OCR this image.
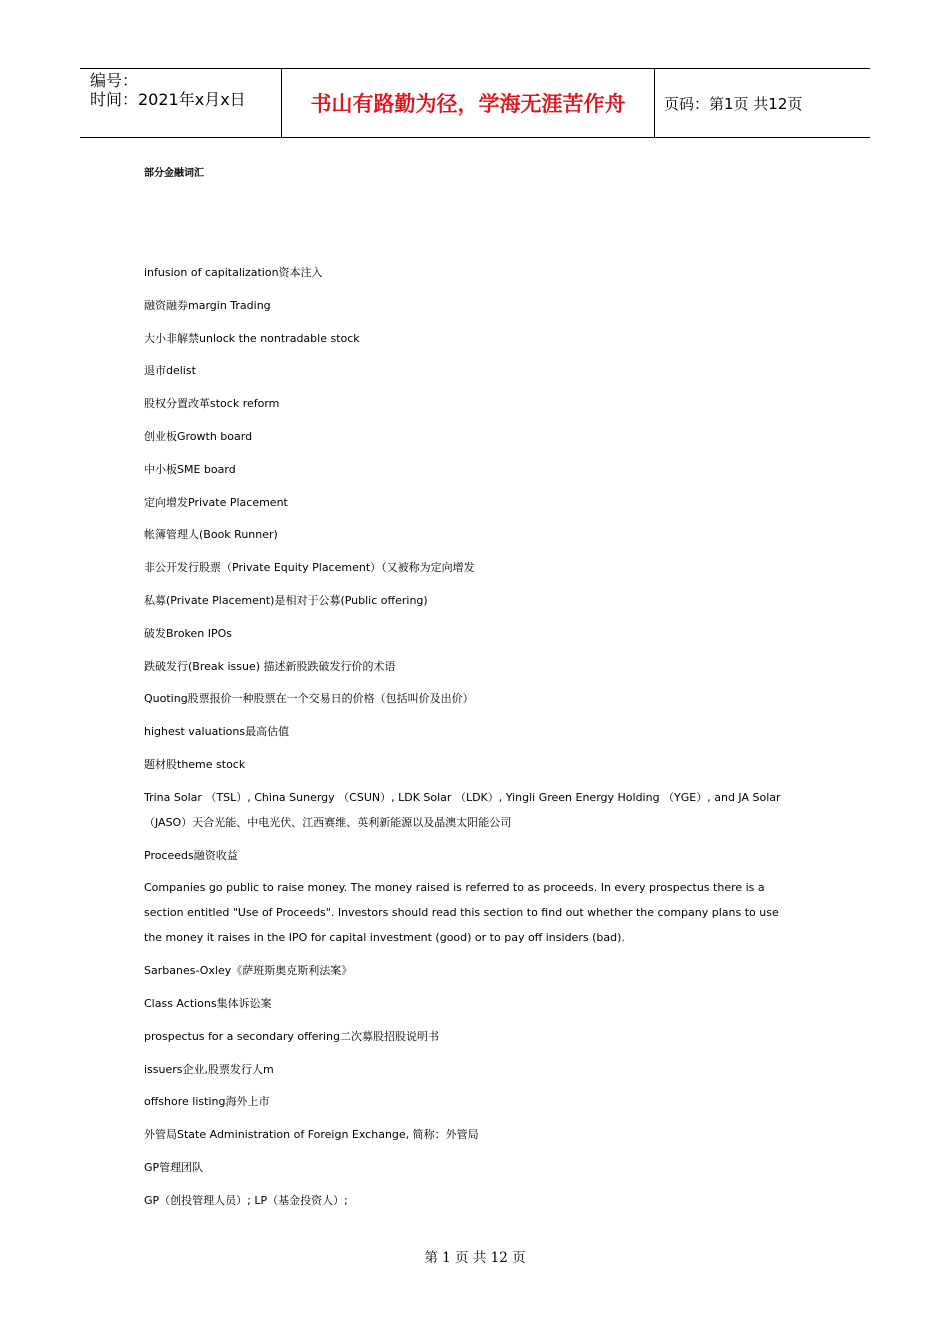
编号：
时间：2021年x月x日	书山有路勤为径，学海无涯苦作舟	页码：第1页 共12页
部分金融词汇
infusion of capitalization资本注入
融资融券margin Trading
大小非解禁unlock the nontradable stock
退市delist
股权分置改革stock reform
创业板Growth board
中小板SME board
定向增发Private Placement
帐簿管理人(Book Runner)
非公开发行股票（Private Equity Placement）（又被称为定向增发
私募(Private Placement)是相对于公募(Public offering)
破发Broken IPOs
跌破发行(Break issue) 描述新股跌破发行价的术语
Quoting股票报价一种股票在一个交易日的价格（包括叫价及出价）
highest valuations最高估值
题材股theme stock
Trina Solar （TSL）, China Sunergy （CSUN）, LDK Solar （LDK）, Yingli Green Energy Holding （YGE）, and JA Solar （JASO）天合光能、中电光伏、江西赛维、英利新能源以及晶澳太阳能公司
Proceeds融资收益
Companies go public to raise money. The money raised is referred to as proceeds. In every prospectus there is a section entitled "Use of Proceeds". Investors should read this section to find out whether the company plans to use the money it raises in the IPO for capital investment (good) or to pay off insiders (bad).
Sarbanes-Oxley《萨班斯奥克斯利法案》
Class Actions集体诉讼案
prospectus for a secondary offering二次募股招股说明书
issuers企业,股票发行人m
offshore listing海外上市
外管局State Administration of Foreign Exchange, 简称：外管局
GP管理团队
GP（创投管理人员）; LP（基金投资人）;
第 1 页 共 12 页
